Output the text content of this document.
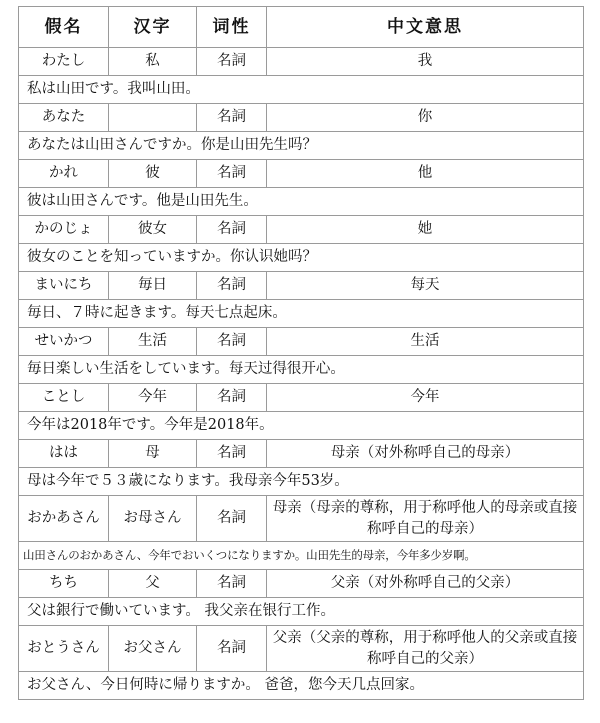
假名	汉字	词性	中文意思
わたし	私	名詞	我
私は山田です。我叫山田。			
あなた		名詞	你
あなたは山田さんですか。你是山田先生吗？			
かれ	彼	名詞	他
彼は山田さんです。他是山田先生。			
かのじょ	彼女	名詞	她
彼女のことを知っていますか。你认识她吗？			
まいにち	毎日	名詞	每天
毎日、７時に起きます。每天七点起床。			
せいかつ	生活	名詞	生活
毎日楽しい生活をしています。每天过得很开心。			
ことし	今年	名詞	今年
今年は2018年です。今年是2018年。			
はは	母	名詞	母亲（对外称呼自己的母亲）
母は今年で５３歳になります。我母亲今年53岁。			
おかあさん	お母さん	名詞	母亲（母亲的尊称，用于称呼他人的母亲或直接称呼自己的母亲）
山田さんのおかあさん、今年でおいくつになりますか。山田先生的母亲，今年多少岁啊。			
ちち	父	名詞	父亲（对外称呼自己的父亲）
父は銀行で働いています。 我父亲在银行工作。			
おとうさん	お父さん	名詞	父亲（父亲的尊称，用于称呼他人的父亲或直接称呼自己的父亲）
お父さん、今日何時に帰りますか。 爸爸，您今天几点回家。			
